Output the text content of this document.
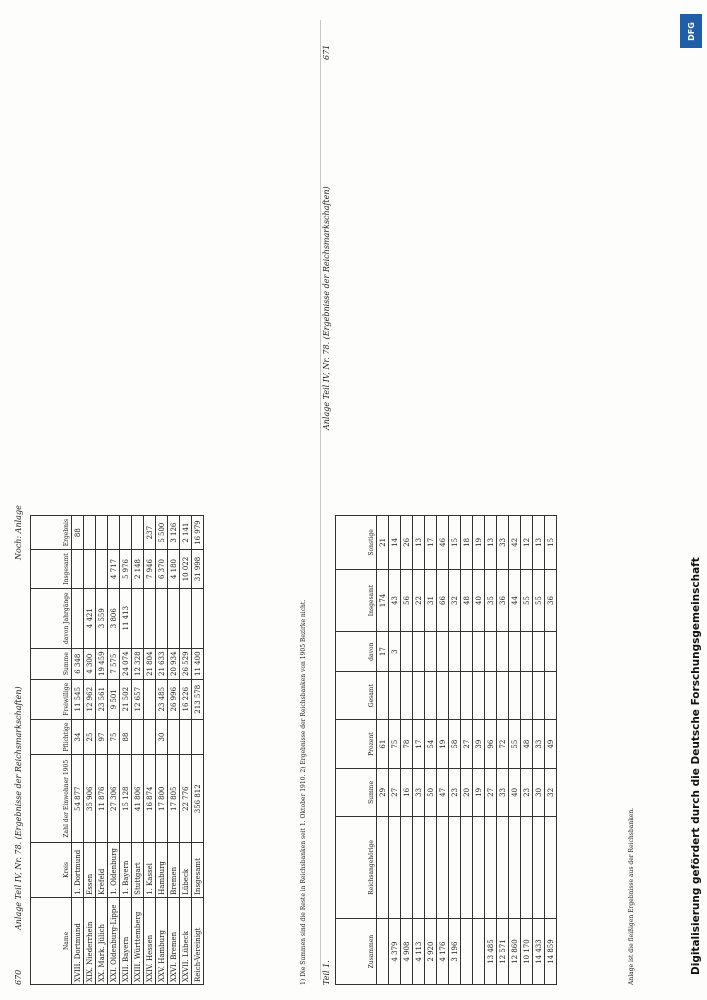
670
Anlage Teil IV, Nr. 78. (Ergebnisse der Reichsmarkschaften)
Noch: Anlage
Name	Kreis	Zahl der Einwohner 1905	Pflichtige	Freiwillige	Summe	davon Jahrgänge	Insgesamt	Ergebnis
XVIII. Dortmund	1. Dortmund	54 877	34	11 545	6 348			88
XIX. Niederrhein	Essen	35 906	25	12 962	4 300	4 421		
XX. Mark. Jülich	Krefeld	11 876	97	23 561	19 459	3 559		
XXI. Oldenburg-Lippe	1. Oldenburg	27 306	75	9 501	7 575	3 806	4 717	
XXII. Bayern	1. Bayern	15 128	88	21 502	24 074	11 413	5 976	
XXIII. Württemberg	Stuttgart	41 806		12 657	12 328		2 148	
XXIV. Hessen	1. Kassel	16 874			21 804		7 946	237
XXV. Hamburg	Hamburg	17 800	30	23 485	21 633		6 370	5 500
XXVI. Bremen	Bremen	17 805		26 996	20 934		4 180	3 126
XXVII. Lübeck	Lübeck	22 776		16 226	26 529		10 022	2 141
Reich-Vereinigt	Insgesamt	356 812		213 578	11 400		31 998	16 979
1) Die Summen sind die Reste in Reichsbanken seit 1. Oktober 1910. 2) Ergebnisse der Reichsbanken von 1905 Bezirke nicht. Teil 1.
Anlage Teil IV, Nr. 78. (Ergebnisse der Reichsmarkschaften)
671
Zusammen	Reichsangehörige	Summe	Prozent	Gesamt	davon	Insgesamt	Sonstige
		29	61		17	174	21
4 379		27	75		3	43	14
4 908		16	78			56	26
4 113		33	17			22	13
2 920		50	54			31	17
4 176		47	19			66	46
3 196		23	58			32	15
		20	27			48	18
		19	39			40	19
13 485		27	96			35	13
12 571		33	72			36	33
12 860		40	55			44	42
10 170		23	48			55	12
14 433		30	33			55	13
14 859		32	49			36	15
Anlage ist die fleißigen Ergebnisse aus der Reichsbanken.	Digitalisierung gefördert durch die Deutsche Forschungsgemeinschaft
DFG
